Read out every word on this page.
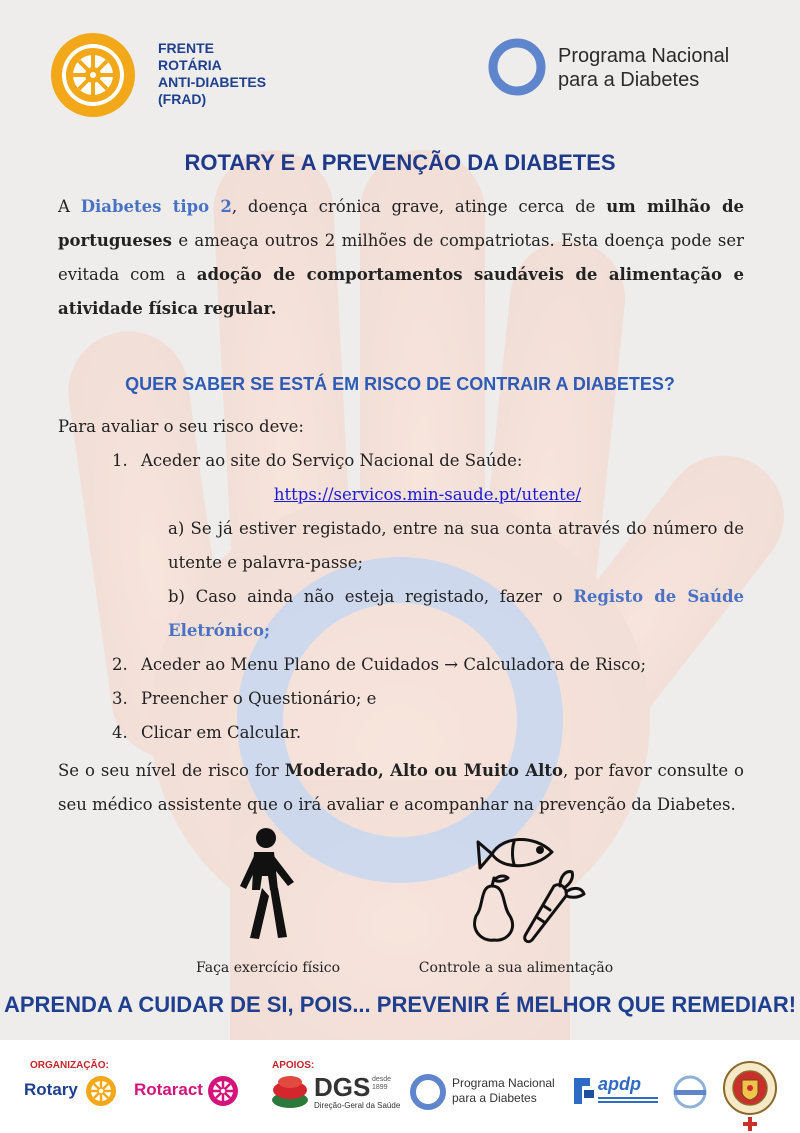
FRENTE
ROTÁRIA
ANTI-DIABETES
(FRAD)
Programa Nacional
para a Diabetes
ROTARY E A PREVENÇÃO DA DIABETES
A Diabetes tipo 2, doença crónica grave, atinge cerca de um milhão de portugueses e ameaça outros 2 milhões de compatriotas. Esta doença pode ser evitada com a adoção de comportamentos saudáveis de alimentação e atividade física regular.
QUER SABER SE ESTÁ EM RISCO DE CONTRAIR A DIABETES?
Para avaliar o seu risco deve:
1. Aceder ao site do Serviço Nacional de Saúde:
https://servicos.min-saude.pt/utente/
a) Se já estiver registado, entre na sua conta através do número de utente e palavra-passe;
b) Caso ainda não esteja registado, fazer o Registo de Saúde Eletrónico;
2. Aceder ao Menu Plano de Cuidados → Calculadora de Risco;
3. Preencher o Questionário; e
4. Clicar em Calcular.
Se o seu nível de risco for Moderado, Alto ou Muito Alto, por favor consulte o seu médico assistente que o irá avaliar e acompanhar na prevenção da Diabetes.
Faça exercício físico	Controle a sua alimentação
APRENDA A CUIDAR DE SI, POIS... PREVENIR É MELHOR QUE REMEDIAR!
ORGANIZAÇÃO:
Rotary	Rotaract
APOIOS:
DGS desde 1899
Direção-Geral da Saúde
Programa Nacional
para a Diabetes
apdp
